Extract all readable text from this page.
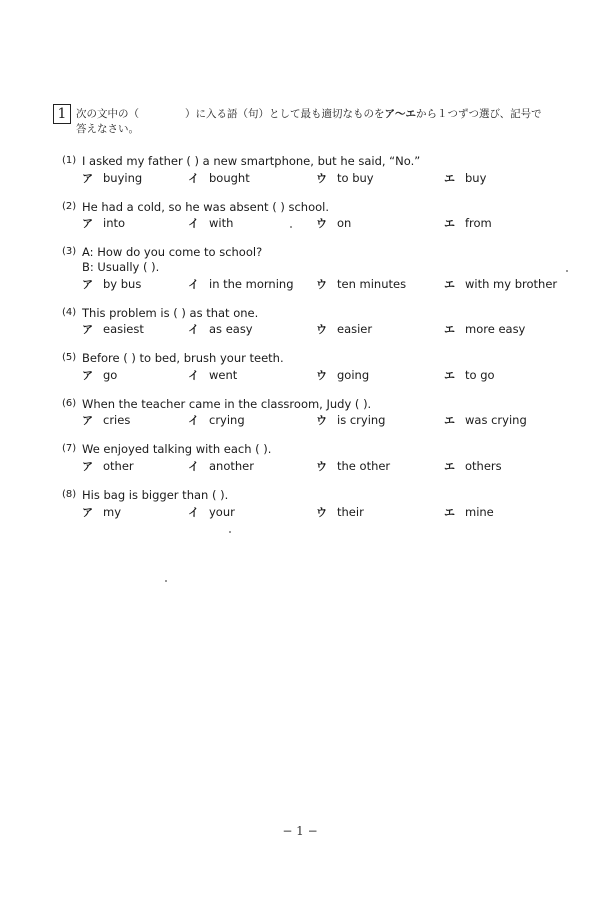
1 次の文中の（	）に入る語（句）として最も適切なものをア〜エから１つずつ選び、記号で
答えなさい。
(1) I asked my father ( ) a new smartphone, but he said, “No.”
ア buying	イ bought	ウ to buy	エ buy
(2) He had a cold, so he was absent ( ) school.
ア into	イ with	ウ on	エ from
(3) A: How do you come to school?
B: Usually ( ).
ア by bus	イ in the morning ウ ten minutes	エ with my brother
(4) This problem is ( ) as that one.
ア easiest	イ as easy	ウ easier	エ more easy
(5) Before ( ) to bed, brush your teeth.
ア go	イ went	ウ going	エ to go
(6) When the teacher came in the classroom, Judy ( ).
ア cries	イ crying	ウ is crying	エ was crying
(7) We enjoyed talking with each ( ).
ア other	イ another	ウ the other	エ others
(8) His bag is bigger than ( ).
ア my	イ your	ウ their	エ mine
− 1 −
